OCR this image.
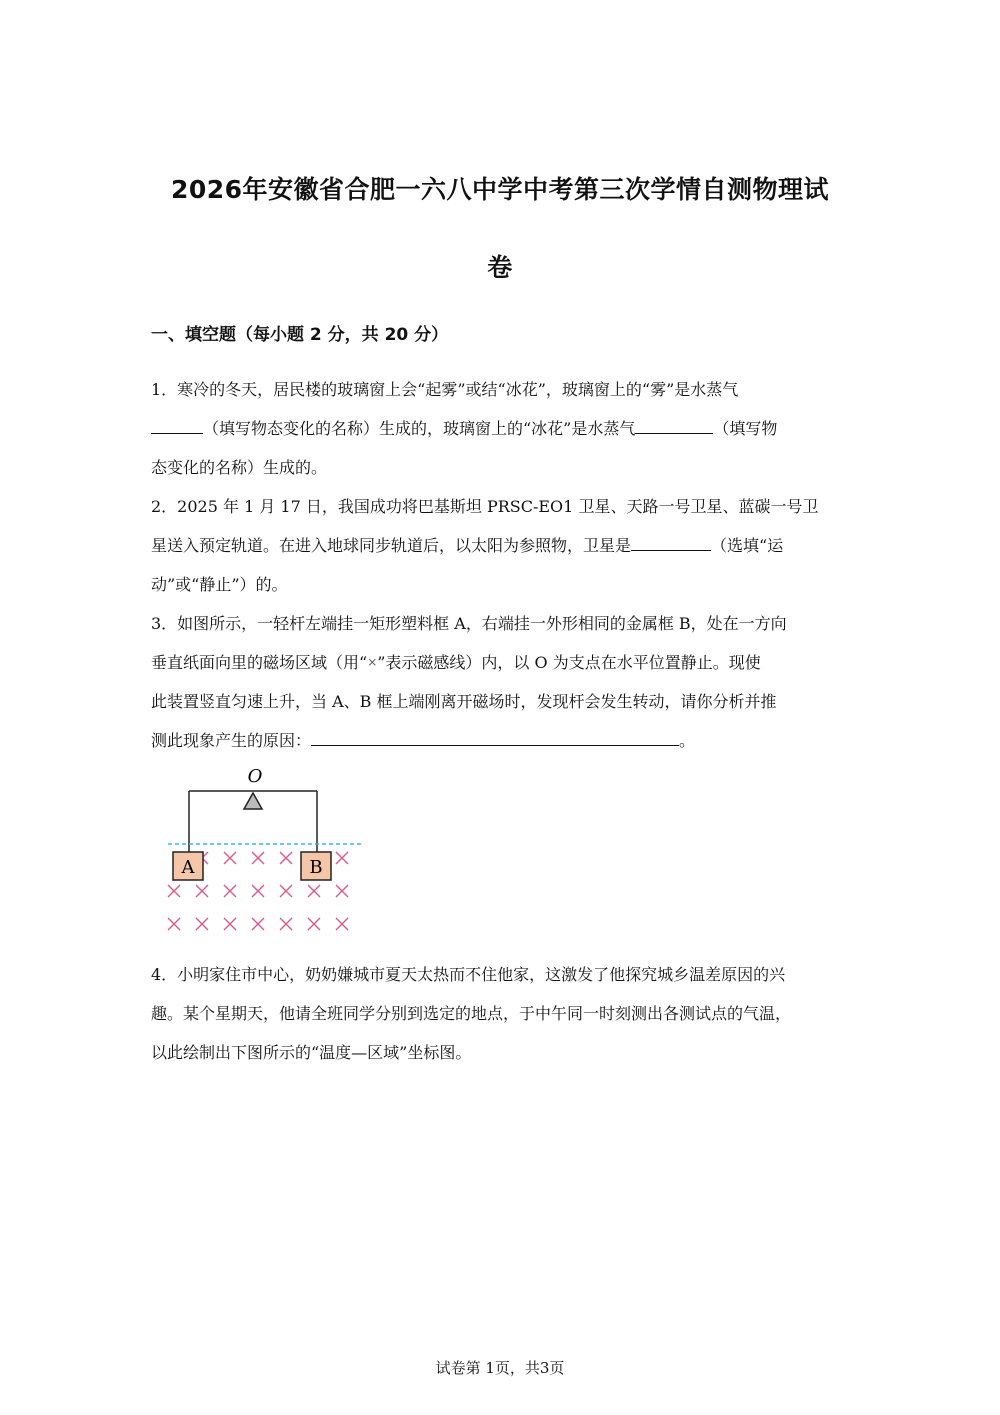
2026年安徽省合肥一六八中学中考第三次学情自测物理试
卷
一、填空题（每小题 2 分，共 20 分）

1．寒冷的冬天，居民楼的玻璃窗上会“起雾”或结“冰花”，玻璃窗上的“雾”是水蒸气

（填写物态变化的名称）生成的，玻璃窗上的“冰花”是水蒸气	（填写物

态变化的名称）生成的。

2．2025 年 1 月 17 日，我国成功将巴基斯坦 PRSC-EO1 卫星、天路一号卫星、蓝碳一号卫

星送入预定轨道。在进入地球同步轨道后，以太阳为参照物，卫星是	（选填“运

动”或“静止”）的。

3．如图所示，一轻杆左端挂一矩形塑料框 A，右端挂一外形相同的金属框 B，处在一方向

垂直纸面向里的磁场区域（用“×”表示磁感线）内，以 O 为支点在水平位置静止。现使

此装置竖直匀速上升，当 A、B 框上端刚离开磁场时，发现杆会发生转动，请你分析并推

测此现象产生的原因：	。

O
A	B

4．小明家住市中心，奶奶嫌城市夏天太热而不住他家，这激发了他探究城乡温差原因的兴

趣。某个星期天，他请全班同学分别到选定的地点，于中午同一时刻测出各测试点的气温，

以此绘制出下图所示的“温度—区域”坐标图。

试卷第 1页，共3页
